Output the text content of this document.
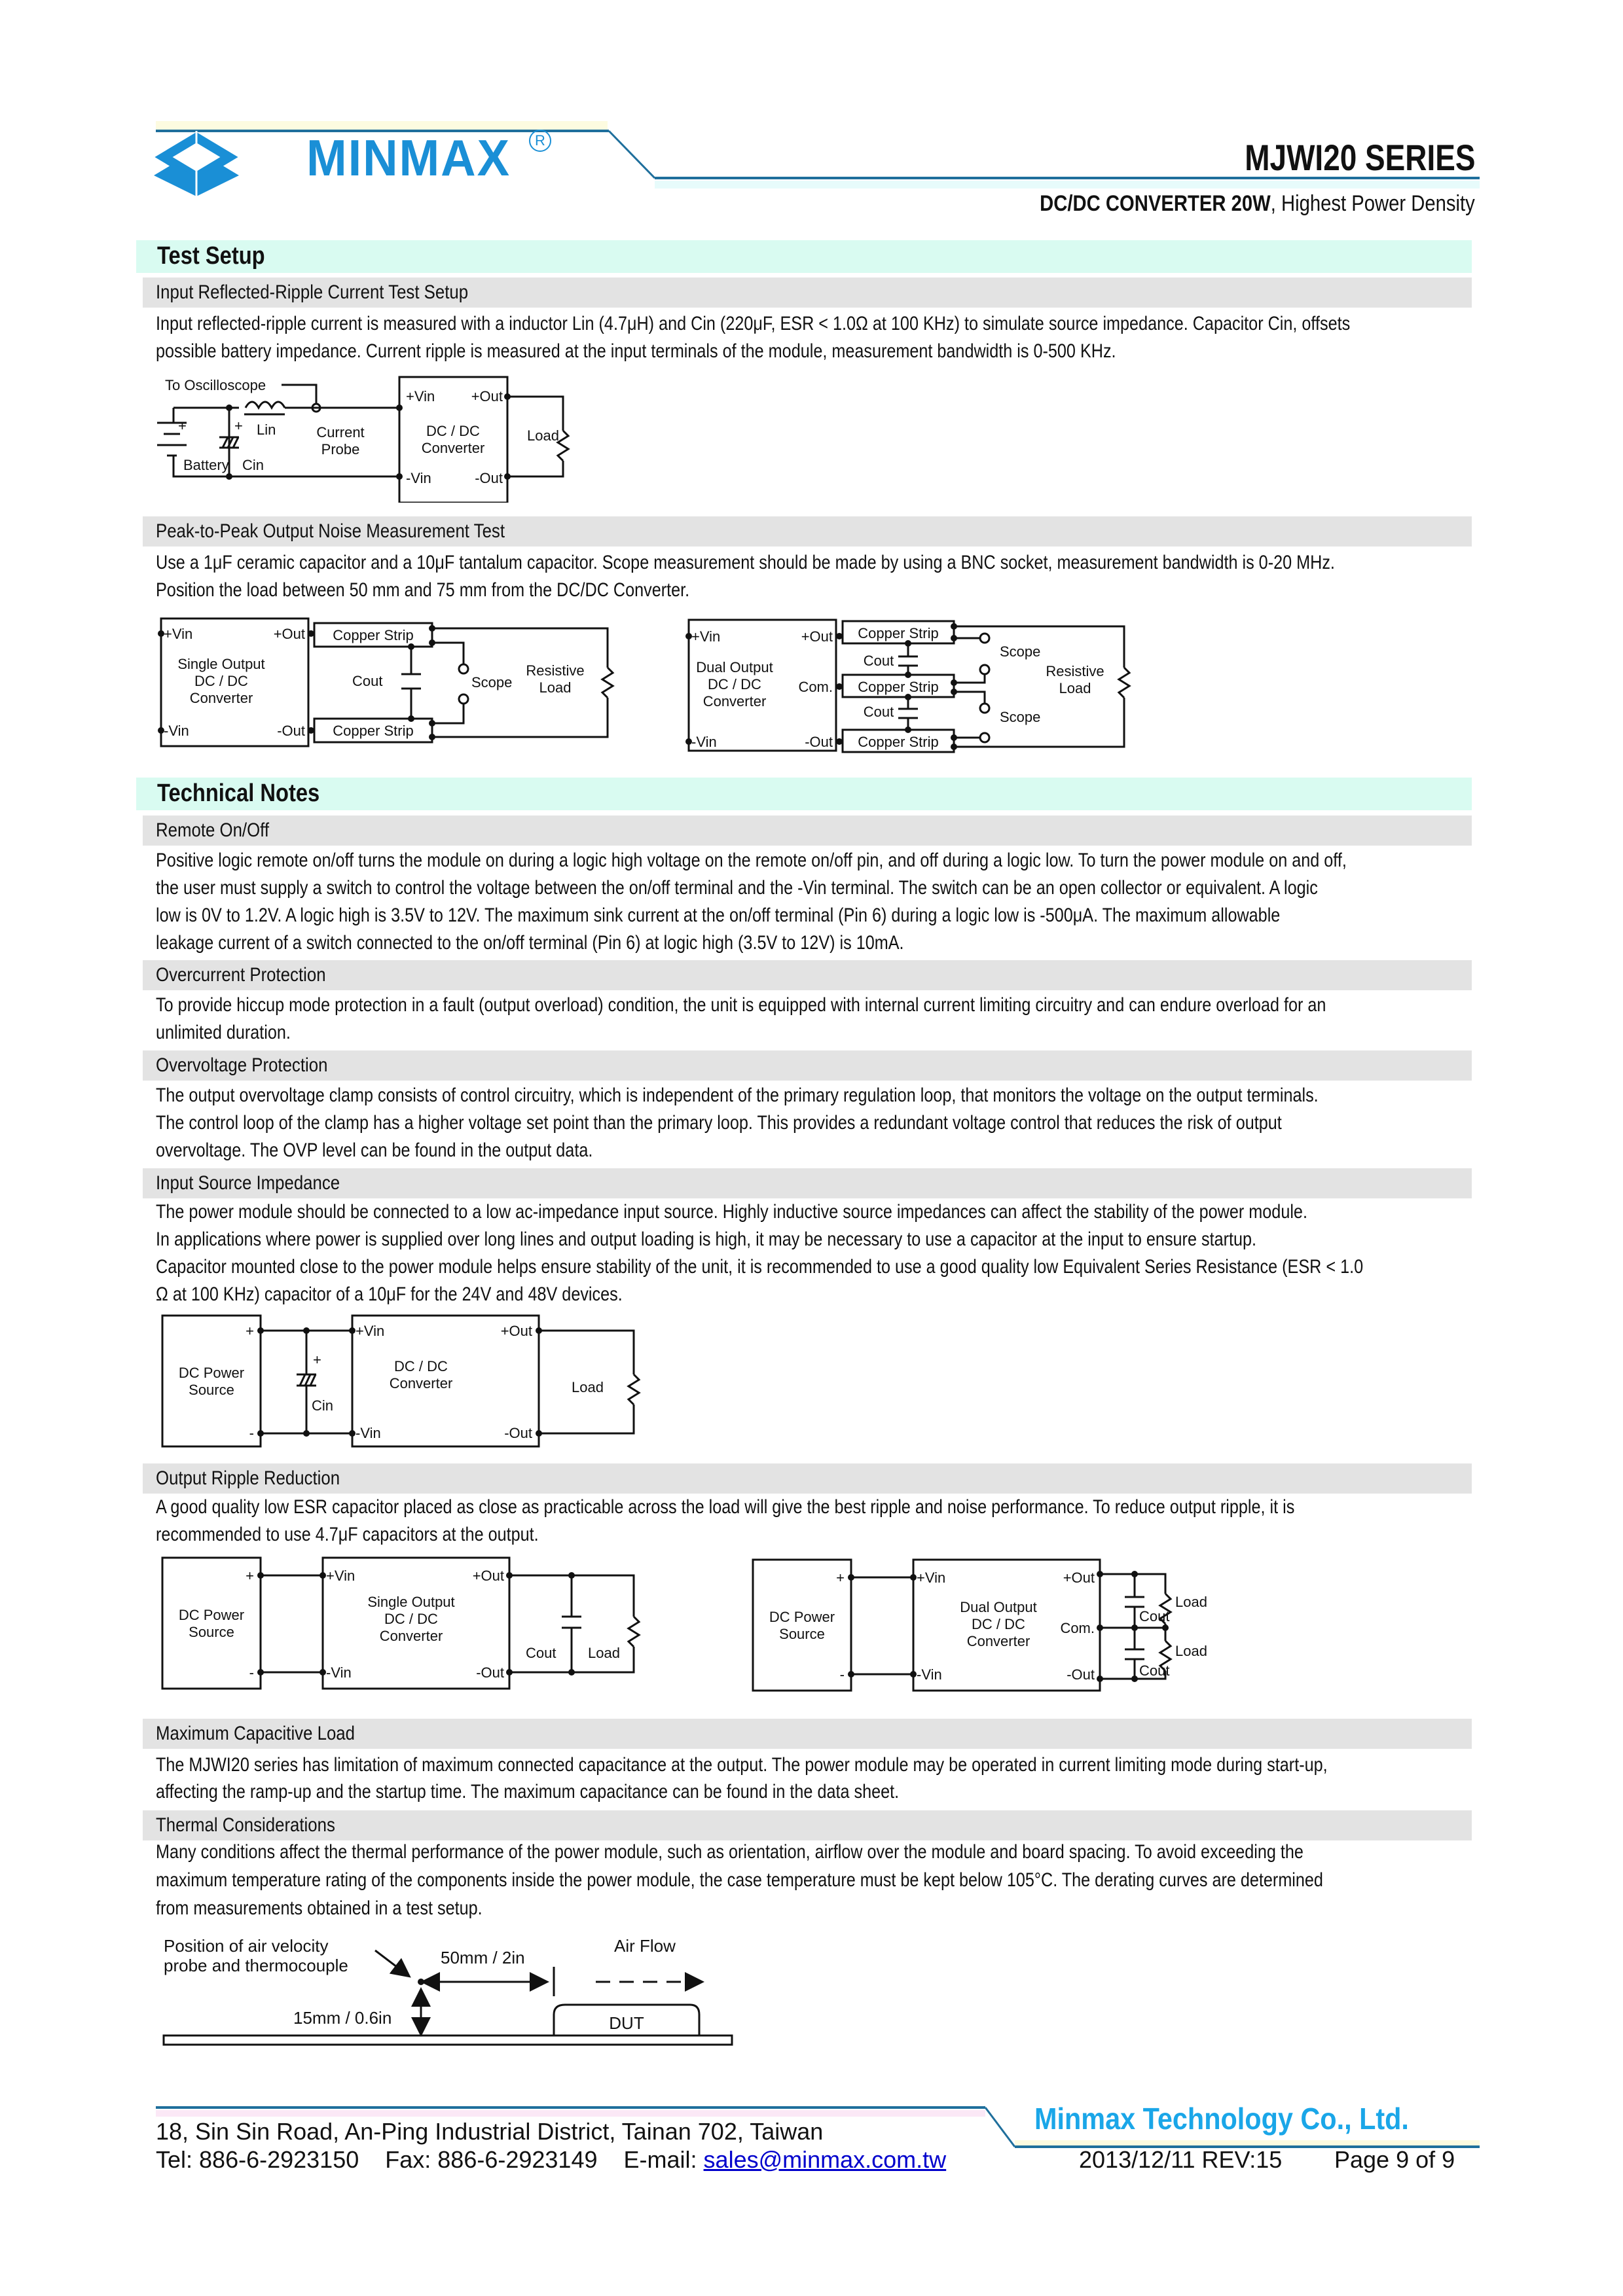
MINMAX	R	MJWI20 SERIES
DC/DC CONVERTER 20W, Highest Power Density
Test Setup
Input Reflected-Ripple Current Test Setup
Input reflected-ripple current is measured with a inductor Lin (4.7μH) and Cin (220μF, ESR < 1.0Ω at 100 KHz) to simulate source impedance. Capacitor Cin, offsets
possible battery impedance. Current ripple is measured at the input terminals of the module, measurement bandwidth is 0-500 KHz.
To Oscilloscope
+	+ Lin	Current
Probe
Battery Cin
+Vin
-Vin
+Out
-Out
DC / DC
Converter
Load
Peak-to-Peak Output Noise Measurement Test
Use a 1μF ceramic capacitor and a 10μF tantalum capacitor. Scope measurement should be made by using a BNC socket, measurement bandwidth is 0-20 MHz.
Position the load between 50 mm and 75 mm from the DC/DC Converter.
+Vin
-Vin
+Out
-Out
Single Output
DC / DC
Converter
Copper Strip
Copper Strip
Cout	Scope
Resistive
Load
+Vin
-Vin
+Out
Com.
-Out
Dual Output
DC / DC
Converter
Copper Strip
Copper Strip
Copper Strip
Cout
Cout
Scope
Scope
Resistive
Load
Technical Notes
Remote On/Off
Positive logic remote on/off turns the module on during a logic high voltage on the remote on/off pin, and off during a logic low. To turn the power module on and off,
the user must supply a switch to control the voltage between the on/off terminal and the -Vin terminal. The switch can be an open collector or equivalent. A logic
low is 0V to 1.2V. A logic high is 3.5V to 12V. The maximum sink current at the on/off terminal (Pin 6) during a logic low is -500μA. The maximum allowable
leakage current of a switch connected to the on/off terminal (Pin 6) at logic high (3.5V to 12V) is 10mA.
Overcurrent Protection
To provide hiccup mode protection in a fault (output overload) condition, the unit is equipped with internal current limiting circuitry and can endure overload for an
unlimited duration.
Overvoltage Protection
The output overvoltage clamp consists of control circuitry, which is independent of the primary regulation loop, that monitors the voltage on the output terminals.
The control loop of the clamp has a higher voltage set point than the primary loop. This provides a redundant voltage control that reduces the risk of output
overvoltage. The OVP level can be found in the output data.
Input Source Impedance
The power module should be connected to a low ac-impedance input source. Highly inductive source impedances can affect the stability of the power module.
In applications where power is supplied over long lines and output loading is high, it may be necessary to use a capacitor at the input to ensure startup.
Capacitor mounted close to the power module helps ensure stability of the unit, it is recommended to use a good quality low Equivalent Series Resistance (ESR < 1.0
Ω at 100 KHz) capacitor of a 10μF for the 24V and 48V devices.
+
-
DC Power
Source
+
Cin
+Vin
-Vin
+Out
-Out
DC / DC
Converter	Load
Output Ripple Reduction
A good quality low ESR capacitor placed as close as practicable across the load will give the best ripple and noise performance. To reduce output ripple, it is
recommended to use 4.7μF capacitors at the output.
+
-
DC Power
Source
+Vin
-Vin
+Out
-Out
Single Output
DC / DC
Converter
Cout Load
+
-
DC Power
Source
+Vin
-Vin
+Out
Com.
-Out
Dual Output
DC / DC
Converter
Cout
Cout
Load
Load
Maximum Capacitive Load
The MJWI20 series has limitation of maximum connected capacitance at the output. The power module may be operated in current limiting mode during start-up,
affecting the ramp-up and the startup time. The maximum capacitance can be found in the data sheet.
Thermal Considerations
Many conditions affect the thermal performance of the power module, such as orientation, airflow over the module and board spacing. To avoid exceeding the
maximum temperature rating of the components inside the power module, the case temperature must be kept below 105°C. The derating curves are determined
from measurements obtained in a test setup.
Position of air velocity
probe and thermocouple	50mm / 2in
Air Flow
15mm / 0.6in	DUT
18, Sin Sin Road, An-Ping Industrial District, Tainan 702, Taiwan
Tel: 886-6-2923150 Fax: 886-6-2923149 E-mail: sales@minmax.com.tw
Minmax Technology Co., Ltd.
2013/12/11 REV:15 Page 9 of 9
